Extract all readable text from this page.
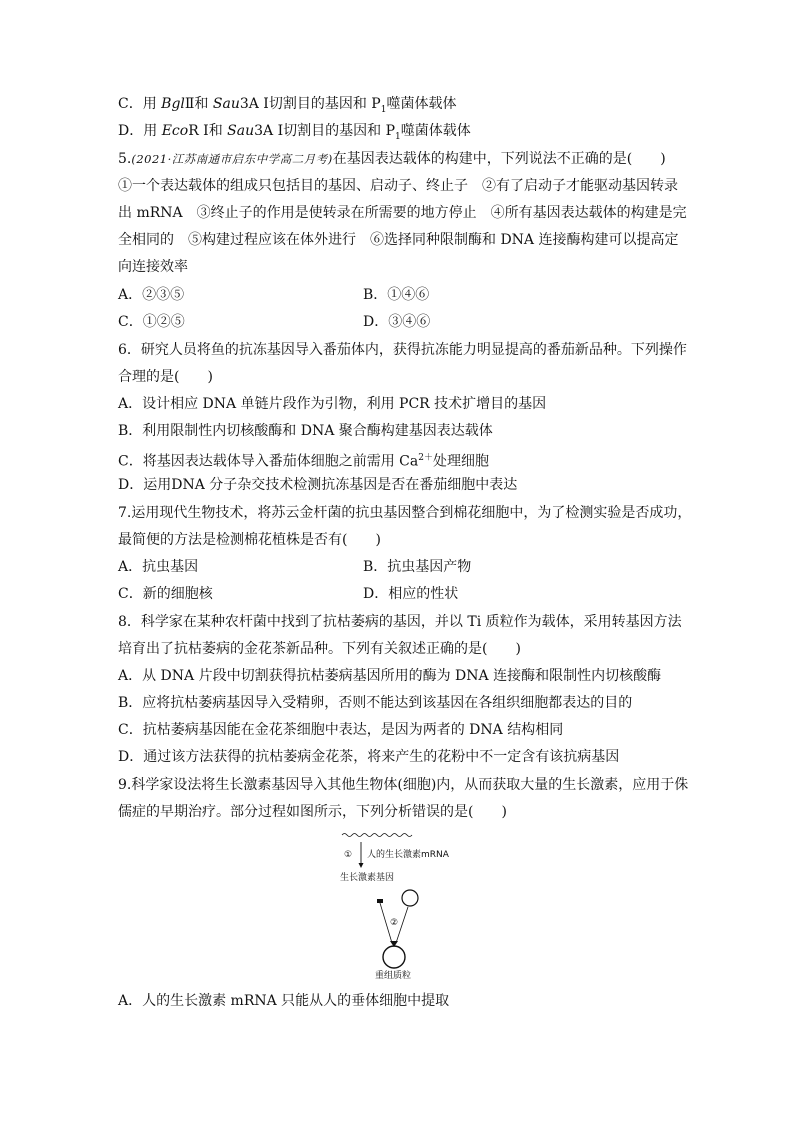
C．用 BglⅡ和 Sau3A Ⅰ切割目的基因和 $P_1$噬菌体载体
D．用 EcoR Ⅰ和 Sau3A Ⅰ切割目的基因和 $P_1$噬菌体载体
5.(2021·江苏南通市启东中学高二月考)在基因表达载体的构建中，下列说法不正确的是(　　)
①一个表达载体的组成只包括目的基因、启动子、终止子　②有了启动子才能驱动基因转录
出 mRNA　③终止子的作用是使转录在所需要的地方停止　④所有基因表达载体的构建是完
全相同的　⑤构建过程应该在体外进行　⑥选择同种限制酶和 DNA 连接酶构建可以提高定
向连接效率
A．②③⑤	B．①④⑥
C．①②⑤	D．③④⑥
6．研究人员将鱼的抗冻基因导入番茄体内，获得抗冻能力明显提高的番茄新品种。下列操作
合理的是(　　)
A．设计相应 DNA 单链片段作为引物，利用 PCR 技术扩增目的基因
B．利用限制性内切核酸酶和 DNA 聚合酶构建基因表达载体
C．将基因表达载体导入番茄体细胞之前需用 $Ca^{2+}$处理细胞
D．运用DNA 分子杂交技术检测抗冻基因是否在番茄细胞中表达
7.运用现代生物技术，将苏云金杆菌的抗虫基因整合到棉花细胞中，为了检测实验是否成功，
最简便的方法是检测棉花植株是否有(　　)
A．抗虫基因	B．抗虫基因产物
C．新的细胞核	D．相应的性状
8．科学家在某种农杆菌中找到了抗枯萎病的基因，并以 Ti 质粒作为载体，采用转基因方法
培育出了抗枯萎病的金花茶新品种。下列有关叙述正确的是(　　)
A．从 DNA 片段中切割获得抗枯萎病基因所用的酶为 DNA 连接酶和限制性内切核酸酶
B．应将抗枯萎病基因导入受精卵，否则不能达到该基因在各组织细胞都表达的目的
C．抗枯萎病基因能在金花茶细胞中表达，是因为两者的 DNA 结构相同
D．通过该方法获得的抗枯萎病金花茶，将来产生的花粉中不一定含有该抗病基因
9.科学家设法将生长激素基因导入其他生物体(细胞)内，从而获取大量的生长激素，应用于侏
儒症的早期治疗。部分过程如图所示，下列分析错误的是(　　)
① 人的生长激素mRNA
生长激素基因
②
重组质粒
A．人的生长激素 mRNA 只能从人的垂体细胞中提取
